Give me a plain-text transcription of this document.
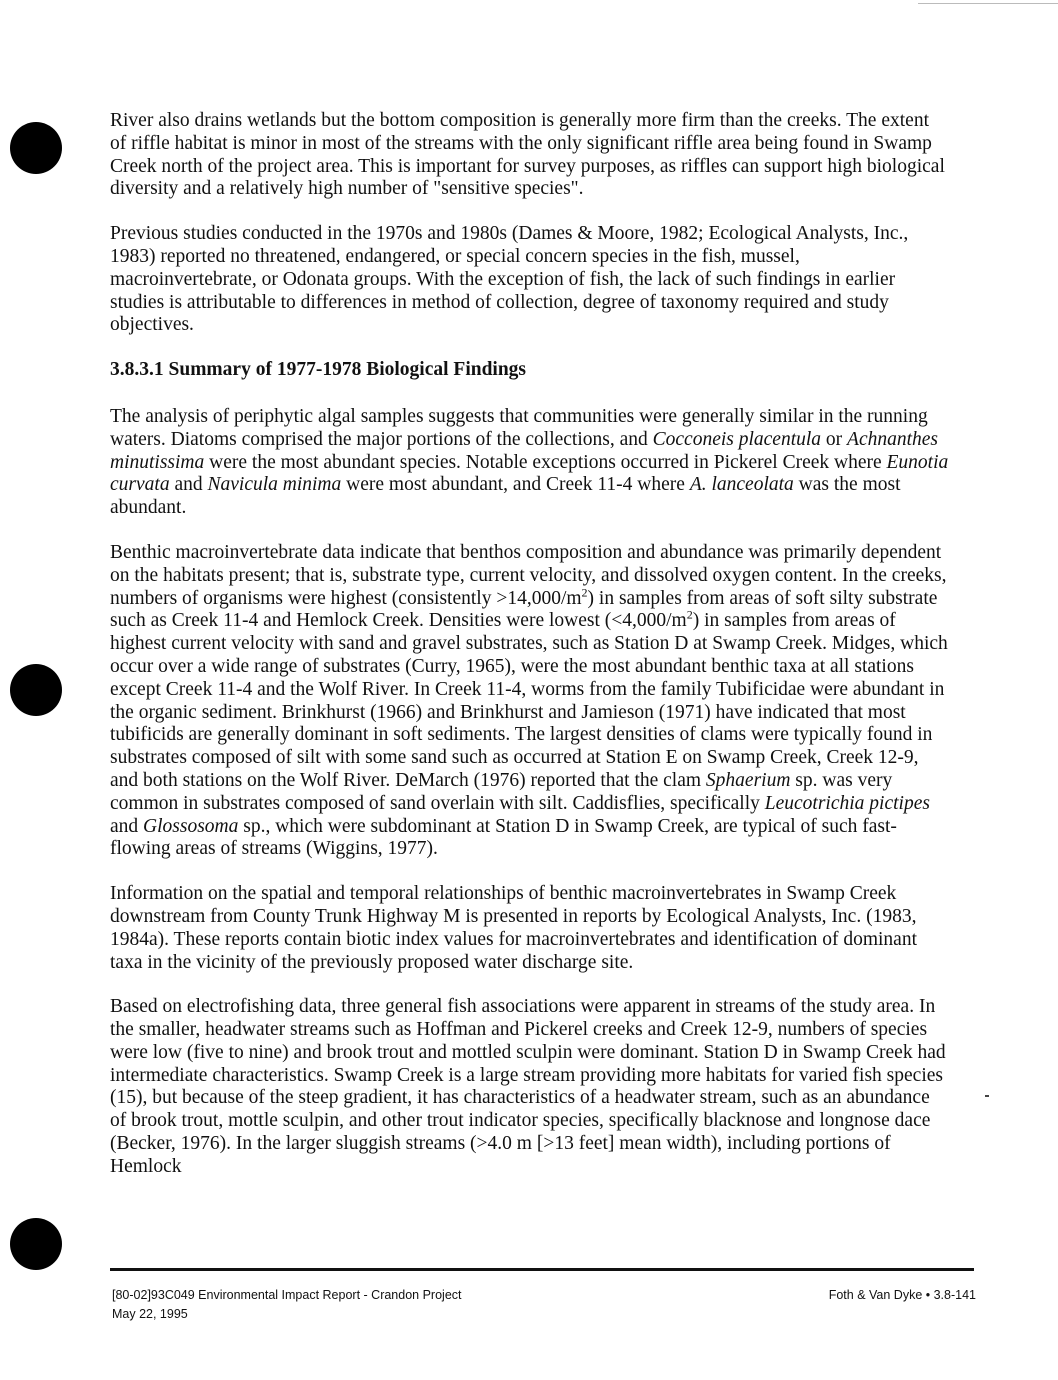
River also drains wetlands but the bottom composition is generally more firm than the creeks. The extent of riffle habitat is minor in most of the streams with the only significant riffle area being found in Swamp Creek north of the project area. This is important for survey purposes, as riffles can support high biological diversity and a relatively high number of "sensitive species".

Previous studies conducted in the 1970s and 1980s (Dames & Moore, 1982; Ecological Analysts, Inc., 1983) reported no threatened, endangered, or special concern species in the fish, mussel, macroinvertebrate, or Odonata groups. With the exception of fish, the lack of such findings in earlier studies is attributable to differences in method of collection, degree of taxonomy required and study objectives.

3.8.3.1 Summary of 1977-1978 Biological Findings

The analysis of periphytic algal samples suggests that communities were generally similar in the running waters. Diatoms comprised the major portions of the collections, and Cocconeis placentula or Achnanthes minutissima were the most abundant species. Notable exceptions occurred in Pickerel Creek where Eunotia curvata and Navicula minima were most abundant, and Creek 11-4 where A. lanceolata was the most abundant.

Benthic macroinvertebrate data indicate that benthos composition and abundance was primarily dependent on the habitats present; that is, substrate type, current velocity, and dissolved oxygen content. In the creeks, numbers of organisms were highest (consistently $>14,000/m^2$) in samples from areas of soft silty substrate such as Creek 11-4 and Hemlock Creek. Densities were lowest $(<4,000/m^2)$ in samples from areas of highest current velocity with sand and gravel substrates, such as Station D at Swamp Creek. Midges, which occur over a wide range of substrates (Curry, 1965), were the most abundant benthic taxa at all stations except Creek 11-4 and the Wolf River. In Creek 11-4, worms from the family Tubificidae were abundant in the organic sediment. Brinkhurst (1966) and Brinkhurst and Jamieson (1971) have indicated that most tubificids are generally dominant in soft sediments. The largest densities of clams were typically found in substrates composed of silt with some sand such as occurred at Station E on Swamp Creek, Creek 12-9, and both stations on the Wolf River. DeMarch (1976) reported that the clam Sphaerium sp. was very common in substrates composed of sand overlain with silt. Caddisflies, specifically Leucotrichia pictipes and Glossosoma sp., which were subdominant at Station D in Swamp Creek, are typical of such fast-flowing areas of streams (Wiggins, 1977).

Information on the spatial and temporal relationships of benthic macroinvertebrates in Swamp Creek downstream from County Trunk Highway M is presented in reports by Ecological Analysts, Inc. (1983, 1984a). These reports contain biotic index values for macroinvertebrates and identification of dominant taxa in the vicinity of the previously proposed water discharge site.

Based on electrofishing data, three general fish associations were apparent in streams of the study area. In the smaller, headwater streams such as Hoffman and Pickerel creeks and Creek 12-9, numbers of species were low (five to nine) and brook trout and mottled sculpin were dominant. Station D in Swamp Creek had intermediate characteristics. Swamp Creek is a large stream providing more habitats for varied fish species (15), but because of the steep gradient, it has characteristics of a headwater stream, such as an abundance of brook trout, mottle sculpin, and other trout indicator species, specifically blacknose and longnose dace (Becker, 1976). In the larger sluggish streams (>4.0 m [>13 feet] mean width), including portions of Hemlock

[80-02]93C049 Environmental Impact Report - Crandon Project
May 22, 1995
Foth & Van Dyke • 3.8-141
